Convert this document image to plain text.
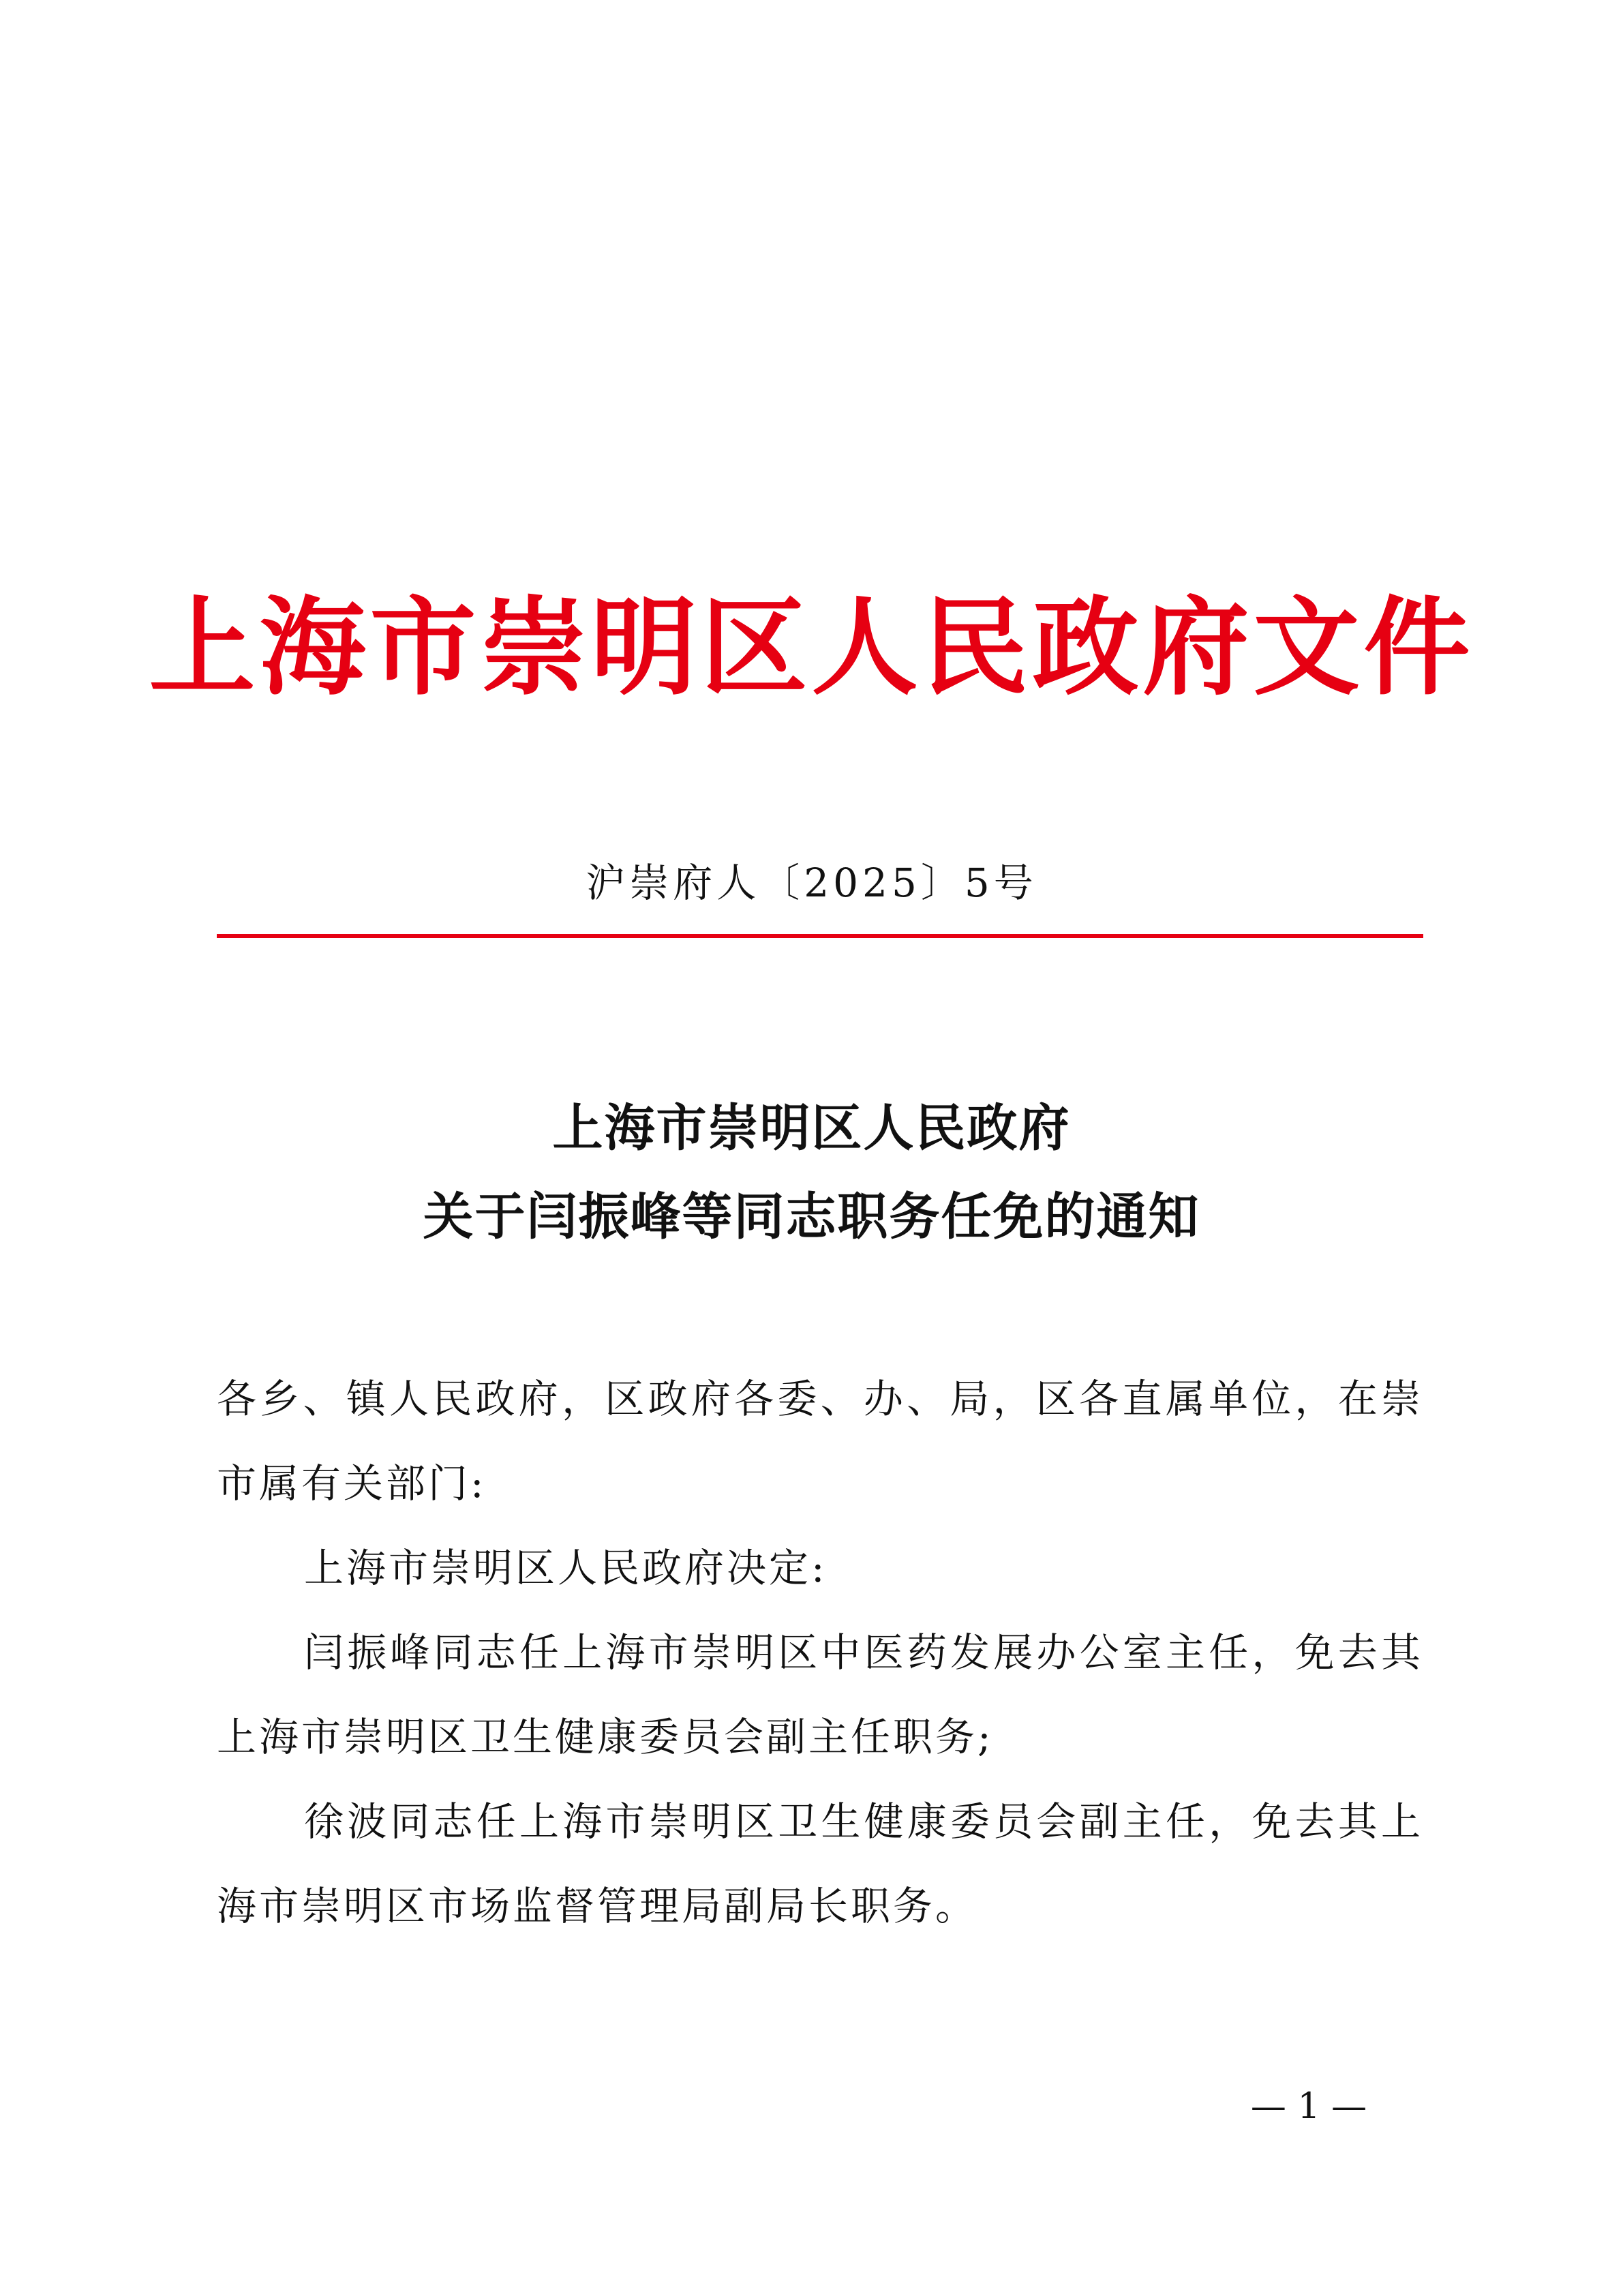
上海市崇明区人民政府文件
沪崇府人〔2025〕5号
上海市崇明区人民政府
关于闫振峰等同志职务任免的通知

各乡、镇人民政府，区政府各委、办、局，区各直属单位，在崇市属有关部门:

上海市崇明区人民政府决定:

闫振峰同志任上海市崇明区中医药发展办公室主任，免去其上海市崇明区卫生健康委员会副主任职务;

徐波同志任上海市崇明区卫生健康委员会副主任，免去其上海市崇明区市场监督管理局副局长职务。

— 1 —
